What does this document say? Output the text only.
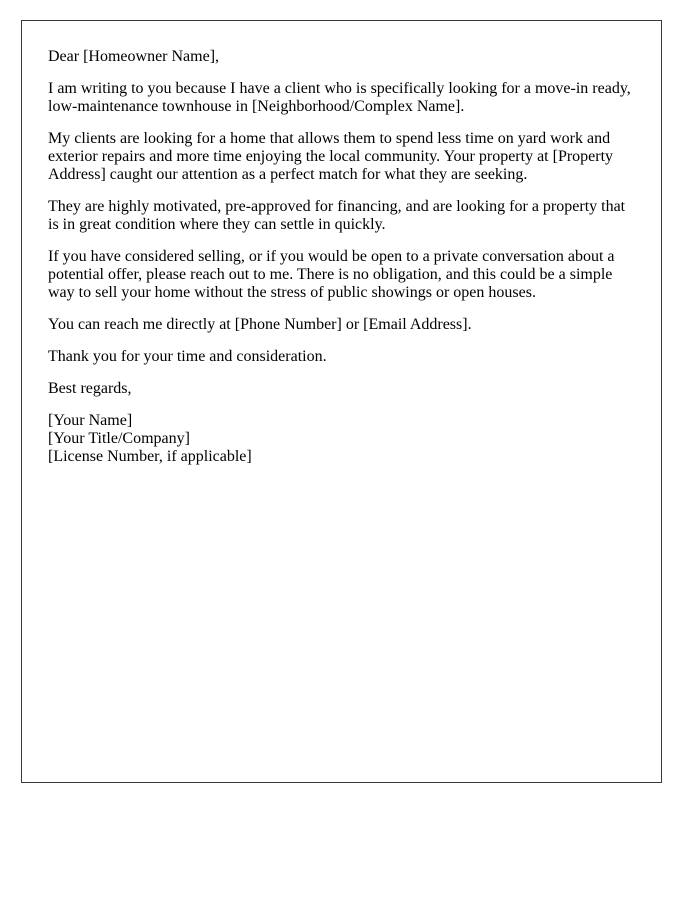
Dear [Homeowner Name],

I am writing to you because I have a client who is specifically looking for a move-in ready, low-maintenance townhouse in [Neighborhood/Complex Name].

My clients are looking for a home that allows them to spend less time on yard work and exterior repairs and more time enjoying the local community. Your property at [Property Address] caught our attention as a perfect match for what they are seeking.

They are highly motivated, pre-approved for financing, and are looking for a property that is in great condition where they can settle in quickly.

If you have considered selling, or if you would be open to a private conversation about a potential offer, please reach out to me. There is no obligation, and this could be a simple way to sell your home without the stress of public showings or open houses.

You can reach me directly at [Phone Number] or [Email Address].

Thank you for your time and consideration.

Best regards,

[Your Name]
[Your Title/Company]
[License Number, if applicable]
